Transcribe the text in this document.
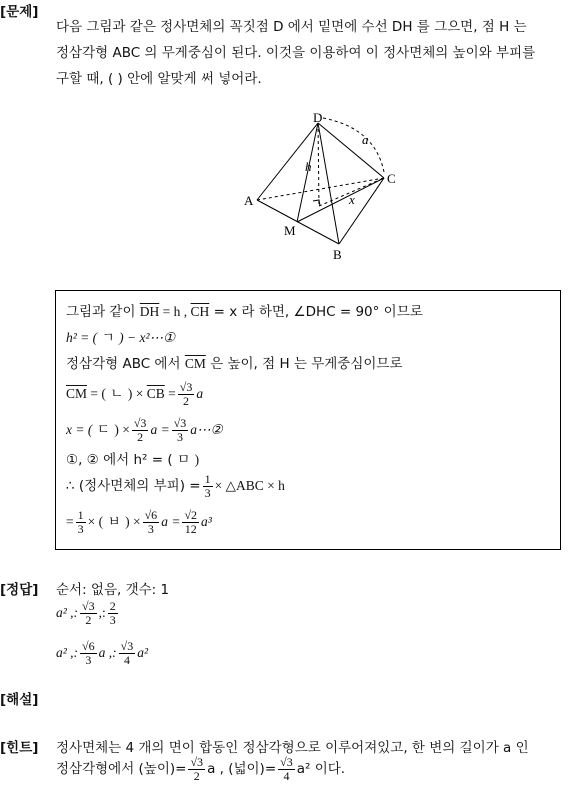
[문제]
다음 그림과 같은 정사면체의 꼭짓점 D 에서 밑면에 수선 DH 를 그으면, 점 H 는
정삼각형 ABC 의 무게중심이 된다. 이것을 이용하여 이 정사면체의 높이와 부피를
구할 때, ( ) 안에 알맞게 써 넣어라.
D
A
C
B
M
h
a
x
그림과 같이 $\overline{DH} = h$ , $\overline{CH} = x$ 라 하면, ∠DHC = 90° 이므로
h² = ( ㄱ ) − x²⋯①
정삼각형 ABC 에서 $\overline{CM}$ 은 높이, 점 H 는 무게중심이므로
$\overline{CM}$ = ( ㄴ ) × $\overline{CB} = \frac{√3}{2}$ a
x = ( ㄷ ) × $\frac{√3}{2}$ $a = \frac{√3}{3}$ a⋯②
①, ② 에서 h² = ( ㅁ )
∴ (정사면체의 부피) = $\frac{1}{3}$ × △ABC × h
= $\frac{1}{3}$ × ( ㅂ ) × $\frac{√6}{3}$ $a = \frac{√2}{12} a^3$
[정답] 순서: 없음, 갯수: 1
a² ,: $\frac{√3}{2}$ ,: $\frac{2}{3}$
a² ,: $\frac{√6}{3}$ a ,: $\frac{√3}{4} a^2$
[해설]
[힌트] 정사면체는 4 개의 면이 합동인 정삼각형으로 이루어져있고, 한 변의 길이가 a 인
정삼각형에서 (높이)= $\frac{√3}{2}$ a , (넓이)= $\frac{√3}{4} a^2$ 이다.
